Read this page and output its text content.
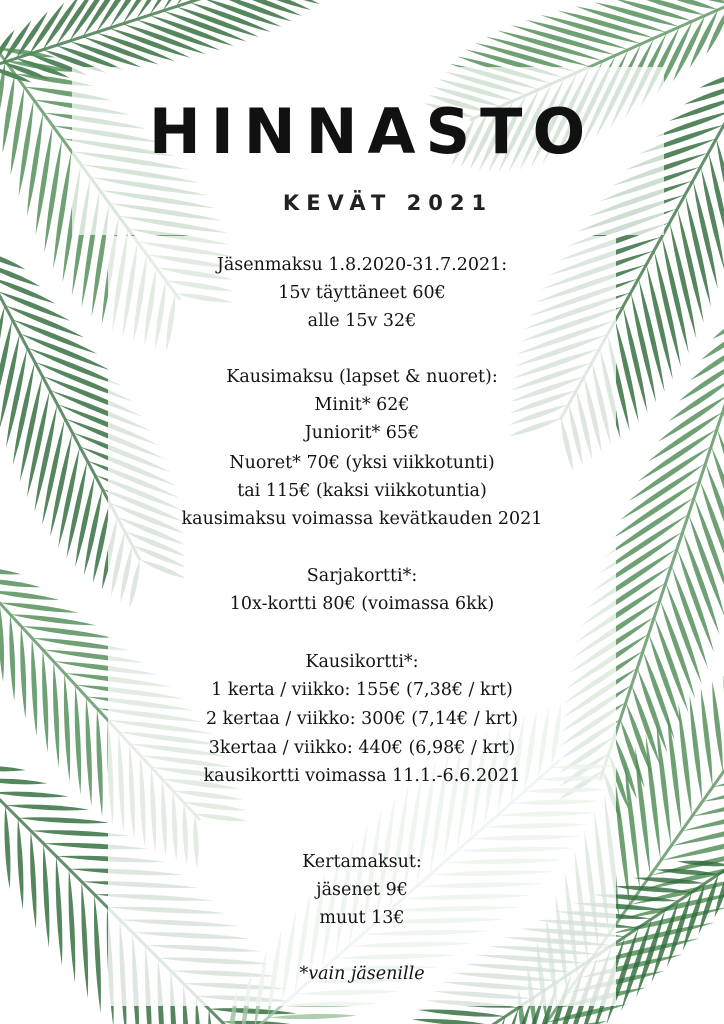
HINNASTO
KEVÄT 2021
Jäsenmaksu 1.8.2020-31.7.2021:
15v täyttäneet 60€
alle 15v 32€
Kausimaksu (lapset & nuoret):
Minit* 62€
Juniorit* 65€
Nuoret* 70€ (yksi viikkotunti)
tai 115€ (kaksi viikkotuntia)
kausimaksu voimassa kevätkauden 2021
Sarjakortti*:
10x-kortti 80€ (voimassa 6kk)
Kausikortti*:
1 kerta / viikko: 155€ (7,38€ / krt)
2 kertaa / viikko: 300€ (7,14€ / krt)
3kertaa / viikko: 440€ (6,98€ / krt)
kausikortti voimassa 11.1.-6.6.2021
Kertamaksut:
jäsenet 9€
muut 13€
*vain jäsenille
